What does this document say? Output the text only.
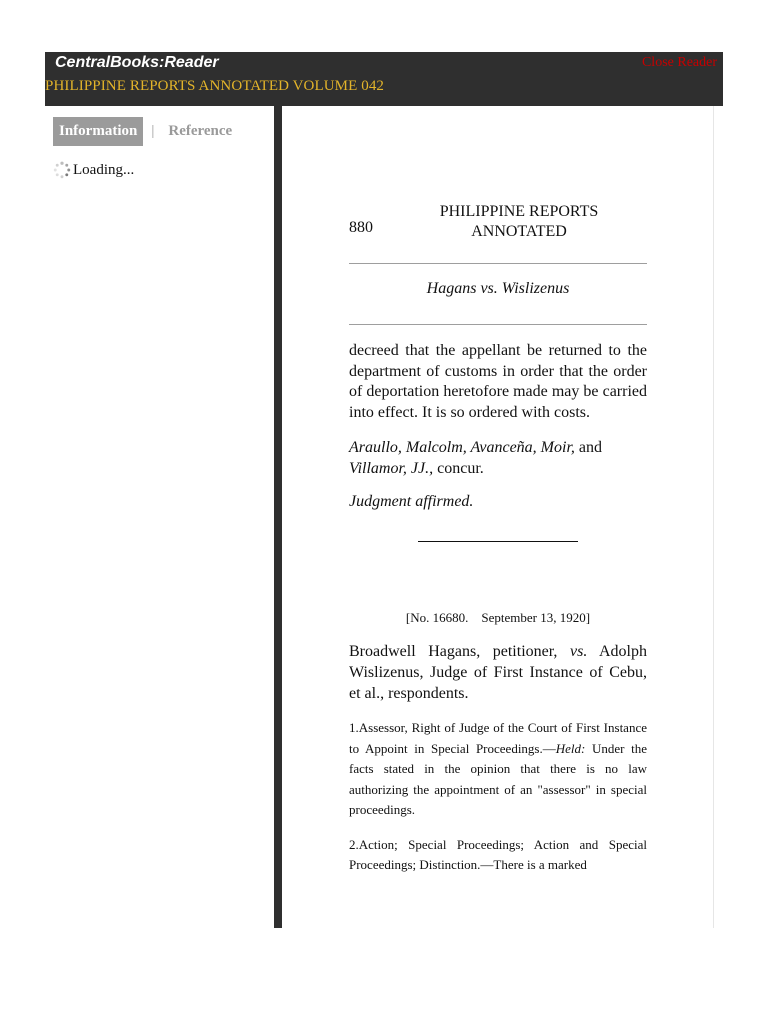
CentralBooks:Reader	Close Reader
PHILIPPINE REPORTS ANNOTATED VOLUME 042
Information | Reference
Loading...
880
PHILIPPINE REPORTS
ANNOTATED
Hagans vs. Wislizenus

decreed that the appellant be returned to the department of customs in order that the order of deportation heretofore made may be carried into effect. It is so ordered with costs.

Araullo, Malcolm, Avanceña, Moir, and Villamor, JJ., concur.

Judgment affirmed.

[No. 16680.    September 13, 1920]

Broadwell Hagans, petitioner, vs. Adolph Wislizenus, Judge of First Instance of Cebu, et al., respondents.

1.Assessor, Right of Judge of the Court of First Instance to Appoint in Special Proceedings.—Held: Under the facts stated in the opinion that there is no law authorizing the appointment of an "assessor" in special proceedings.

2.Action; Special Proceedings; Action and Special Proceedings; Distinction.—There is a marked
